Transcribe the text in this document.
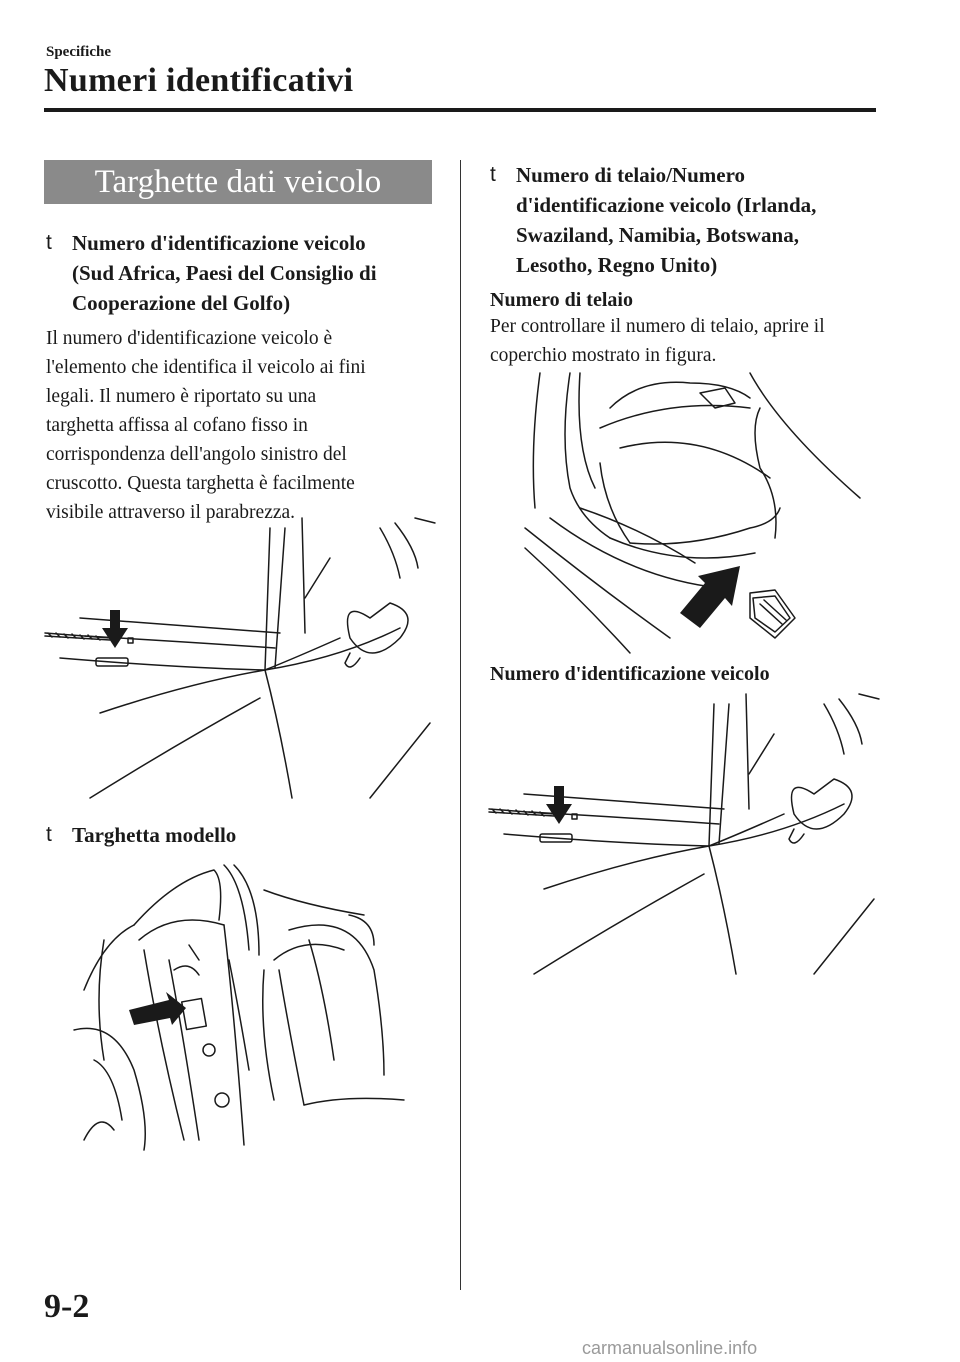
Specifiche
Numeri identificativi
Targhette dati veicolo
t Numero d'identificazione veicolo
(Sud Africa, Paesi del Consiglio di
Cooperazione del Golfo)
Il numero d'identificazione veicolo è
l'elemento che identifica il veicolo ai fini
legali. Il numero è riportato su una
targhetta affissa al cofano fisso in
corrispondenza dell'angolo sinistro del
cruscotto. Questa targhetta è facilmente
visibile attraverso il parabrezza.
t Targhetta modello
t Numero di telaio/Numero
d'identificazione veicolo (Irlanda,
Swaziland, Namibia, Botswana,
Lesotho, Regno Unito)
Numero di telaio
Per controllare il numero di telaio, aprire il
coperchio mostrato in figura.
Numero d'identificazione veicolo
9-2
carmanualsonline.info
